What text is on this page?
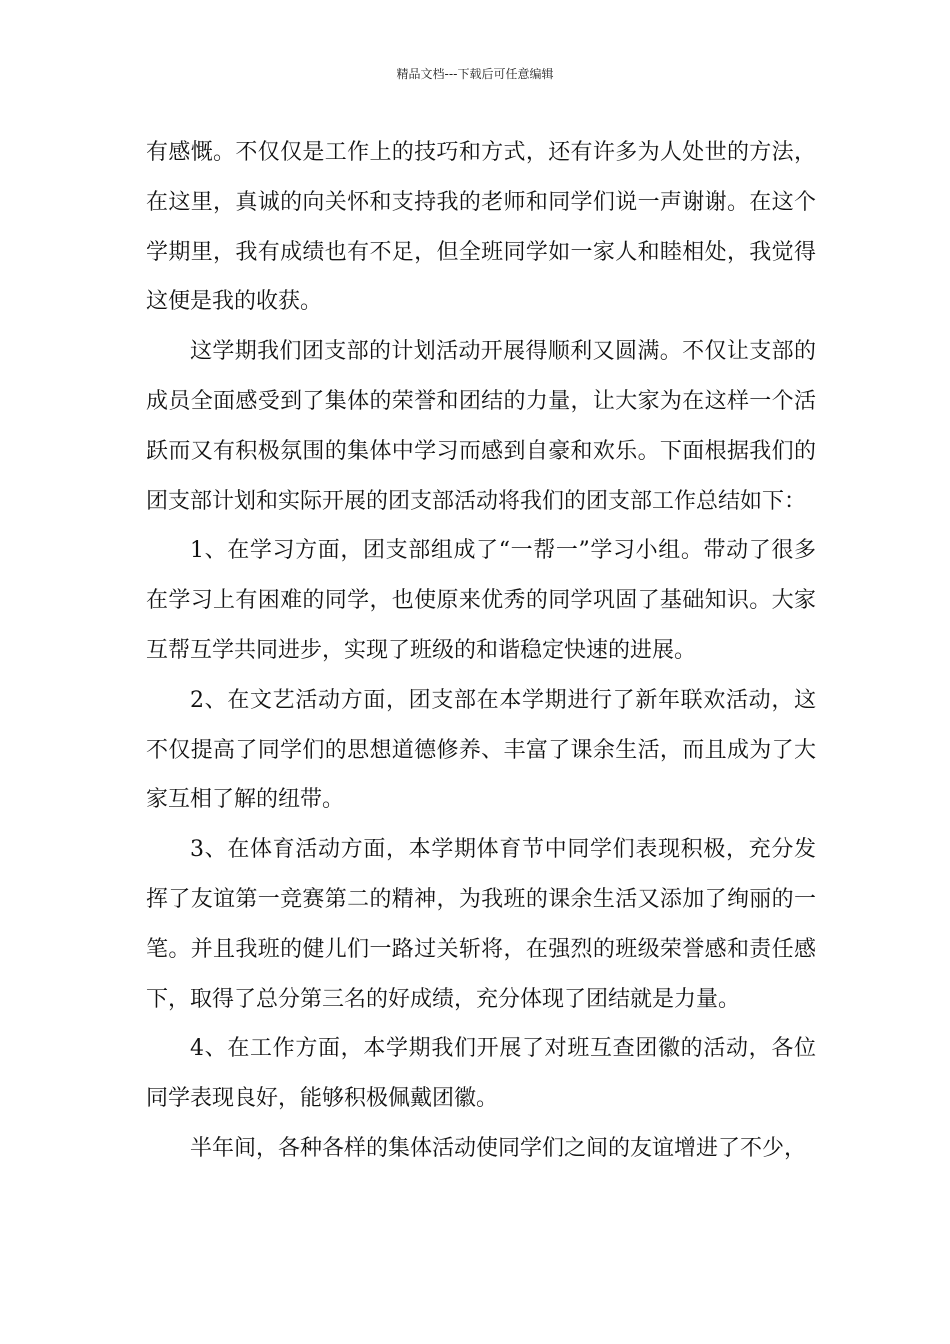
精品文档---下载后可任意编辑

有感慨。不仅仅是工作上的技巧和方式，还有许多为人处世的方法，在这里，真诚的向关怀和支持我的老师和同学们说一声谢谢。在这个学期里，我有成绩也有不足，但全班同学如一家人和睦相处，我觉得这便是我的收获。

这学期我们团支部的计划活动开展得顺利又圆满。不仅让支部的成员全面感受到了集体的荣誉和团结的力量，让大家为在这样一个活跃而又有积极氛围的集体中学习而感到自豪和欢乐。下面根据我们的团支部计划和实际开展的团支部活动将我们的团支部工作总结如下：

1、在学习方面，团支部组成了“一帮一”学习小组。带动了很多在学习上有困难的同学，也使原来优秀的同学巩固了基础知识。大家互帮互学共同进步，实现了班级的和谐稳定快速的进展。

2、在文艺活动方面，团支部在本学期进行了新年联欢活动，这不仅提高了同学们的思想道德修养、丰富了课余生活，而且成为了大家互相了解的纽带。

3、在体育活动方面，本学期体育节中同学们表现积极，充分发挥了友谊第一竞赛第二的精神，为我班的课余生活又添加了绚丽的一笔。并且我班的健儿们一路过关斩将，在强烈的班级荣誉感和责任感下，取得了总分第三名的好成绩，充分体现了团结就是力量。

4、在工作方面，本学期我们开展了对班互查团徽的活动，各位同学表现良好，能够积极佩戴团徽。

半年间，各种各样的集体活动使同学们之间的友谊增进了不少，
